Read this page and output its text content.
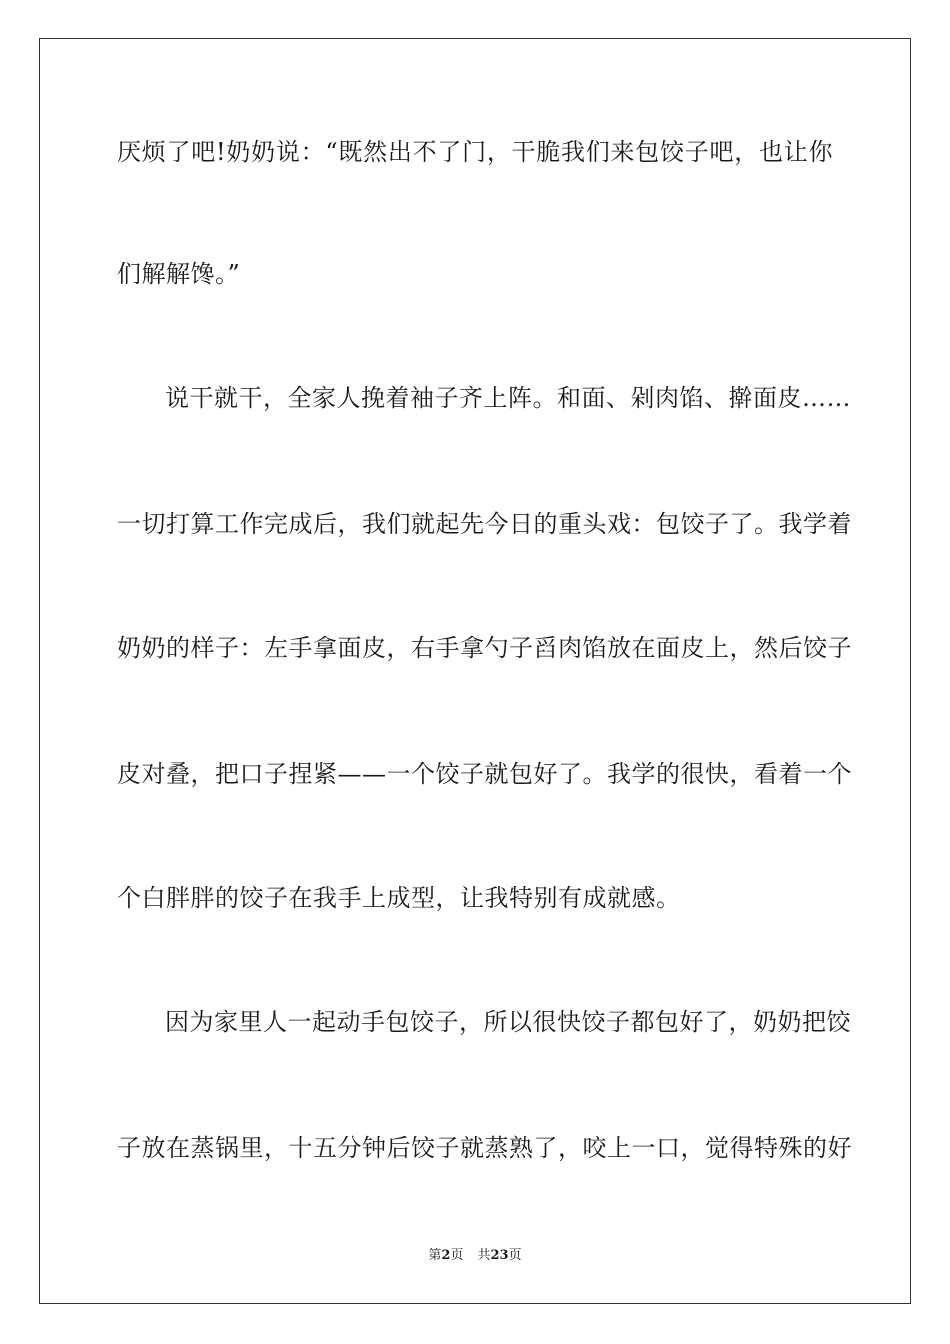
厌烦了吧!奶奶说：“既然出不了门，干脆我们来包饺子吧，也让你
们解解馋。”
说干就干，全家人挽着袖子齐上阵。和面、剁肉馅、擀面皮……
一切打算工作完成后，我们就起先今日的重头戏：包饺子了。我学着
奶奶的样子：左手拿面皮，右手拿勺子舀肉馅放在面皮上，然后饺子
皮对叠，把口子捏紧——一个饺子就包好了。我学的很快，看着一个
个白胖胖的饺子在我手上成型，让我特别有成就感。
因为家里人一起动手包饺子，所以很快饺子都包好了，奶奶把饺
子放在蒸锅里，十五分钟后饺子就蒸熟了，咬上一口，觉得特殊的好
第2页 共23页
